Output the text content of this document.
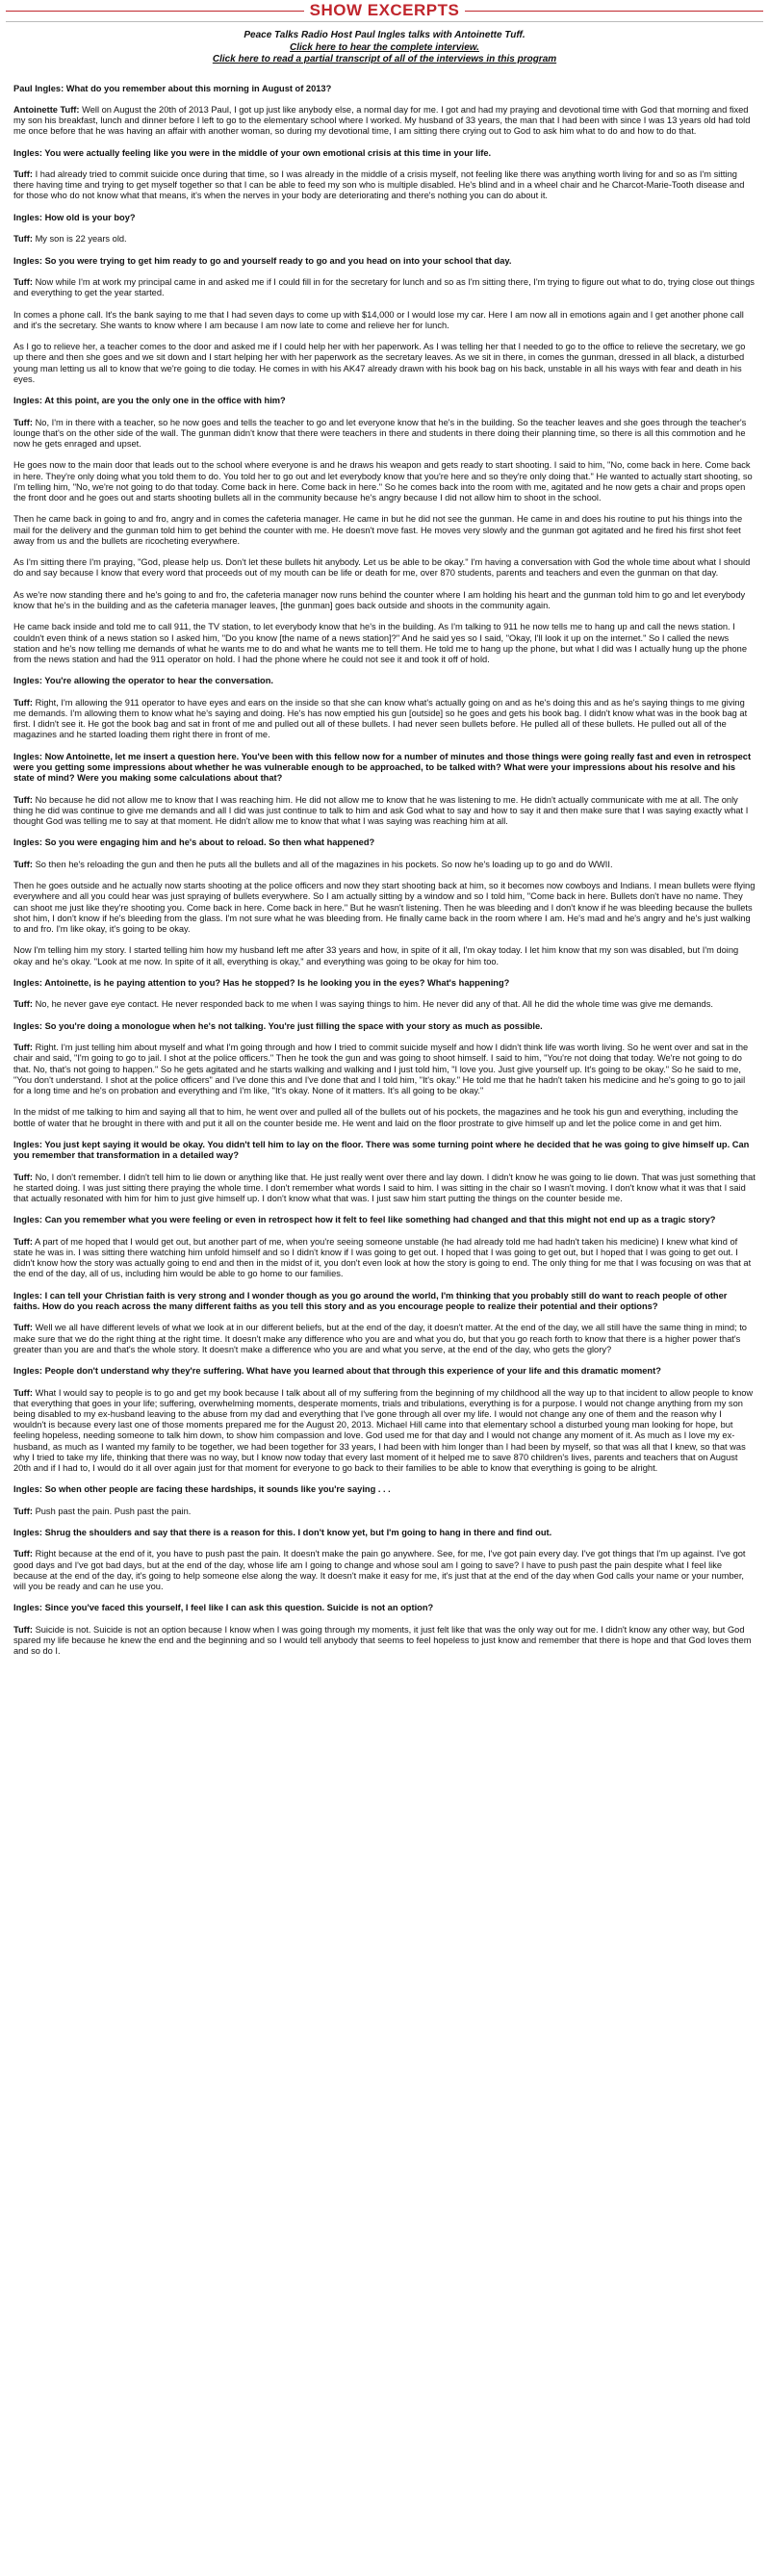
SHOW EXCERPTS
Peace Talks Radio Host Paul Ingles talks with Antoinette Tuff.
Click here to hear the complete interview.
Click here to read a partial transcript of all of the interviews in this program

Paul Ingles: What do you remember about this morning in August of 2013?

Antoinette Tuff: Well on August the 20th of 2013 Paul, I got up just like anybody else, a normal day for me. I got and had my praying and devotional time with God that morning and fixed my son his breakfast, lunch and dinner before I left to go to the elementary school where I worked. My husband of 33 years, the man that I had been with since I was 13 years old had told me once before that he was having an affair with another woman, so during my devotional time, I am sitting there crying out to God to ask him what to do and how to do that.

Ingles: You were actually feeling like you were in the middle of your own emotional crisis at this time in your life.

Tuff: I had already tried to commit suicide once during that time, so I was already in the middle of a crisis myself, not feeling like there was anything worth living for and so as I'm sitting there having time and trying to get myself together so that I can be able to feed my son who is multiple disabled. He's blind and in a wheel chair and he Charcot-Marie-Tooth disease and for those who do not know what that means, it's when the nerves in your body are deteriorating and there's nothing you can do about it.

Ingles: How old is your boy?

Tuff: My son is 22 years old.

Ingles: So you were trying to get him ready to go and yourself ready to go and you head on into your school that day.

Tuff: Now while I'm at work my principal came in and asked me if I could fill in for the secretary for lunch and so as I'm sitting there, I'm trying to figure out what to do, trying close out things and everything to get the year started.

In comes a phone call. It's the bank saying to me that I had seven days to come up with $14,000 or I would lose my car. Here I am now all in emotions again and I get another phone call and it's the secretary. She wants to know where I am because I am now late to come and relieve her for lunch.

As I go to relieve her, a teacher comes to the door and asked me if I could help her with her paperwork. As I was telling her that I needed to go to the office to relieve the secretary, we go up there and then she goes and we sit down and I start helping her with her paperwork as the secretary leaves. As we sit in there, in comes the gunman, dressed in all black, a disturbed young man letting us all to know that we're going to die today. He comes in with his AK47 already drawn with his book bag on his back, unstable in all his ways with fear and death in his eyes.

Ingles: At this point, are you the only one in the office with him?

Tuff: No, I'm in there with a teacher, so he now goes and tells the teacher to go and let everyone know that he's in the building. So the teacher leaves and she goes through the teacher's lounge that's on the other side of the wall. The gunman didn't know that there were teachers in there and students in there doing their planning time, so there is all this commotion and he now he gets enraged and upset.

He goes now to the main door that leads out to the school where everyone is and he draws his weapon and gets ready to start shooting. I said to him, "No, come back in here. Come back in here. They're only doing what you told them to do. You told her to go out and let everybody know that you're here and so they're only doing that." He wanted to actually start shooting, so I'm telling him, "No, we're not going to do that today. Come back in here. Come back in here." So he comes back into the room with me, agitated and he now gets a chair and props open the front door and he goes out and starts shooting bullets all in the community because he's angry because I did not allow him to shoot in the school.

Then he came back in going to and fro, angry and in comes the cafeteria manager. He came in but he did not see the gunman. He came in and does his routine to put his things into the mail for the delivery and the gunman told him to get behind the counter with me. He doesn't move fast. He moves very slowly and the gunman got agitated and he fired his first shot feet away from us and the bullets are ricocheting everywhere.

As I'm sitting there I'm praying, "God, please help us. Don't let these bullets hit anybody. Let us be able to be okay." I'm having a conversation with God the whole time about what I should do and say because I know that every word that proceeds out of my mouth can be life or death for me, over 870 students, parents and teachers and even the gunman on that day.

As we're now standing there and he's going to and fro, the cafeteria manager now runs behind the counter where I am holding his heart and the gunman told him to go and let everybody know that he's in the building and as the cafeteria manager leaves, [the gunman] goes back outside and shoots in the community again.

He came back inside and told me to call 911, the TV station, to let everybody know that he's in the building. As I'm talking to 911 he now tells me to hang up and call the news station. I couldn't even think of a news station so I asked him, "Do you know [the name of a news station]?" And he said yes so I said, "Okay, I'll look it up on the internet." So I called the news station and he's now telling me demands of what he wants me to do and what he wants me to tell them. He told me to hang up the phone, but what I did was I actually hung up the phone from the news station and had the 911 operator on hold. I had the phone where he could not see it and took it off of hold.

Ingles: You're allowing the operator to hear the conversation.

Tuff: Right, I'm allowing the 911 operator to have eyes and ears on the inside so that she can know what's actually going on and as he's doing this and as he's saying things to me giving me demands. I'm allowing them to know what he's saying and doing. He's has now emptied his gun [outside] so he goes and gets his book bag. I didn't know what was in the book bag at first. I didn't see it. He got the book bag and sat in front of me and pulled out all of these bullets. I had never seen bullets before. He pulled all of these bullets. He pulled out all of the magazines and he started loading them right there in front of me.

Ingles: Now Antoinette, let me insert a question here. You've been with this fellow now for a number of minutes and those things were going really fast and even in retrospect were you getting some impressions about whether he was vulnerable enough to be approached, to be talked with? What were your impressions about his resolve and his state of mind? Were you making some calculations about that?

Tuff: No because he did not allow me to know that I was reaching him. He did not allow me to know that he was listening to me. He didn't actually communicate with me at all. The only thing he did was continue to give me demands and all I did was just continue to talk to him and ask God what to say and how to say it and then make sure that I was saying exactly what I thought God was telling me to say at that moment. He didn't allow me to know that what I was saying was reaching him at all.

Ingles: So you were engaging him and he's about to reload. So then what happened?

Tuff: So then he's reloading the gun and then he puts all the bullets and all of the magazines in his pockets. So now he's loading up to go and do WWII.

Then he goes outside and he actually now starts shooting at the police officers and now they start shooting back at him, so it becomes now cowboys and Indians. I mean bullets were flying everywhere and all you could hear was just spraying of bullets everywhere. So I am actually sitting by a window and so I told him, "Come back in here. Bullets don't have no name. They can shoot me just like they're shooting you. Come back in here. Come back in here." But he wasn't listening. Then he was bleeding and I don't know if he was bleeding because the bullets shot him, I don't know if he's bleeding from the glass. I'm not sure what he was bleeding from. He finally came back in the room where I am. He's mad and he's angry and he's just walking to and fro. I'm like okay, it's going to be okay.

Now I'm telling him my story. I started telling him how my husband left me after 33 years and how, in spite of it all, I'm okay today. I let him know that my son was disabled, but I'm doing okay and he's okay. "Look at me now. In spite of it all, everything is okay," and everything was going to be okay for him too.

Ingles: Antoinette, is he paying attention to you? Has he stopped? Is he looking you in the eyes? What's happening?

Tuff: No, he never gave eye contact. He never responded back to me when I was saying things to him. He never did any of that. All he did the whole time was give me demands.

Ingles: So you're doing a monologue when he's not talking. You're just filling the space with your story as much as possible.

Tuff: Right. I'm just telling him about myself and what I'm going through and how I tried to commit suicide myself and how I didn't think life was worth living. So he went over and sat in the chair and said, "I'm going to go to jail. I shot at the police officers." Then he took the gun and was going to shoot himself. I said to him, "You're not doing that today. We're not going to do that. No, that's not going to happen." So he gets agitated and he starts walking and walking and I just told him, "I love you. Just give yourself up. It's going to be okay." So he said to me, "You don't understand. I shot at the police officers" and I've done this and I've done that and I told him, "It's okay." He told me that he hadn't taken his medicine and he's going to go to jail for a long time and he's on probation and everything and I'm like, "It's okay. None of it matters. It's all going to be okay."

In the midst of me talking to him and saying all that to him, he went over and pulled all of the bullets out of his pockets, the magazines and he took his gun and everything, including the bottle of water that he brought in there with and put it all on the counter beside me. He went and laid on the floor prostrate to give himself up and let the police come in and get him.

Ingles: You just kept saying it would be okay. You didn't tell him to lay on the floor. There was some turning point where he decided that he was going to give himself up. Can you remember that transformation in a detailed way?

Tuff: No, I don't remember. I didn't tell him to lie down or anything like that. He just really went over there and lay down. I didn't know he was going to lie down. That was just something that he started doing. I was just sitting there praying the whole time. I don't remember what words I said to him. I was sitting in the chair so I wasn't moving. I don't know what it was that I said that actually resonated with him for him to just give himself up. I don't know what that was. I just saw him start putting the things on the counter beside me.

Ingles: Can you remember what you were feeling or even in retrospect how it felt to feel like something had changed and that this might not end up as a tragic story?

Tuff: A part of me hoped that I would get out, but another part of me, when you're seeing someone unstable (he had already told me had hadn't taken his medicine) I knew what kind of state he was in. I was sitting there watching him unfold himself and so I didn't know if I was going to get out. I hoped that I was going to get out, but I hoped that I was going to get out. I didn't know how the story was actually going to end and then in the midst of it, you don't even look at how the story is going to end. The only thing for me that I was focusing on was that at the end of the day, all of us, including him would be able to go home to our families.

Ingles: I can tell your Christian faith is very strong and I wonder though as you go around the world, I'm thinking that you probably still do want to reach people of other faiths. How do you reach across the many different faiths as you tell this story and as you encourage people to realize their potential and their options?

Tuff: Well we all have different levels of what we look at in our different beliefs, but at the end of the day, it doesn't matter. At the end of the day, we all still have the same thing in mind; to make sure that we do the right thing at the right time. It doesn't make any difference who you are and what you do, but that you go reach forth to know that there is a higher power that's greater than you are and that's the whole story. It doesn't make a difference who you are and what you serve, at the end of the day, who gets the glory?

Ingles: People don't understand why they're suffering. What have you learned about that through this experience of your life and this dramatic moment?

Tuff: What I would say to people is to go and get my book because I talk about all of my suffering from the beginning of my childhood all the way up to that incident to allow people to know that everything that goes in your life; suffering, overwhelming moments, desperate moments, trials and tribulations, everything is for a purpose. I would not change anything from my son being disabled to my ex-husband leaving to the abuse from my dad and everything that I've gone through all over my life. I would not change any one of them and the reason why I wouldn't is because every last one of those moments prepared me for the August 20, 2013. Michael Hill came into that elementary school a disturbed young man looking for hope, but feeling hopeless, needing someone to talk him down, to show him compassion and love. God used me for that day and I would not change any moment of it. As much as I love my ex-husband, as much as I wanted my family to be together, we had been together for 33 years, I had been with him longer than I had been by myself, so that was all that I knew, so that was why I tried to take my life, thinking that there was no way, but I know now today that every last moment of it helped me to save 870 children's lives, parents and teachers that on August 20th and if I had to, I would do it all over again just for that moment for everyone to go back to their families to be able to know that everything is going to be alright.

Ingles: So when other people are facing these hardships, it sounds like you're saying . . .

Tuff: Push past the pain. Push past the pain.

Ingles: Shrug the shoulders and say that there is a reason for this. I don't know yet, but I'm going to hang in there and find out.

Tuff: Right because at the end of it, you have to push past the pain. It doesn't make the pain go anywhere. See, for me, I've got pain every day. I've got things that I'm up against. I've got good days and I've got bad days, but at the end of the day, whose life am I going to change and whose soul am I going to save? I have to push past the pain despite what I feel like because at the end of the day, it's going to help someone else along the way. It doesn't make it easy for me, it's just that at the end of the day when God calls your name or your number, will you be ready and can he use you.

Ingles: Since you've faced this yourself, I feel like I can ask this question. Suicide is not an option?

Tuff: Suicide is not. Suicide is not an option because I know when I was going through my moments, it just felt like that was the only way out for me. I didn't know any other way, but God spared my life because he knew the end and the beginning and so I would tell anybody that seems to feel hopeless to just know and remember that there is hope and that God loves them and so do I.
